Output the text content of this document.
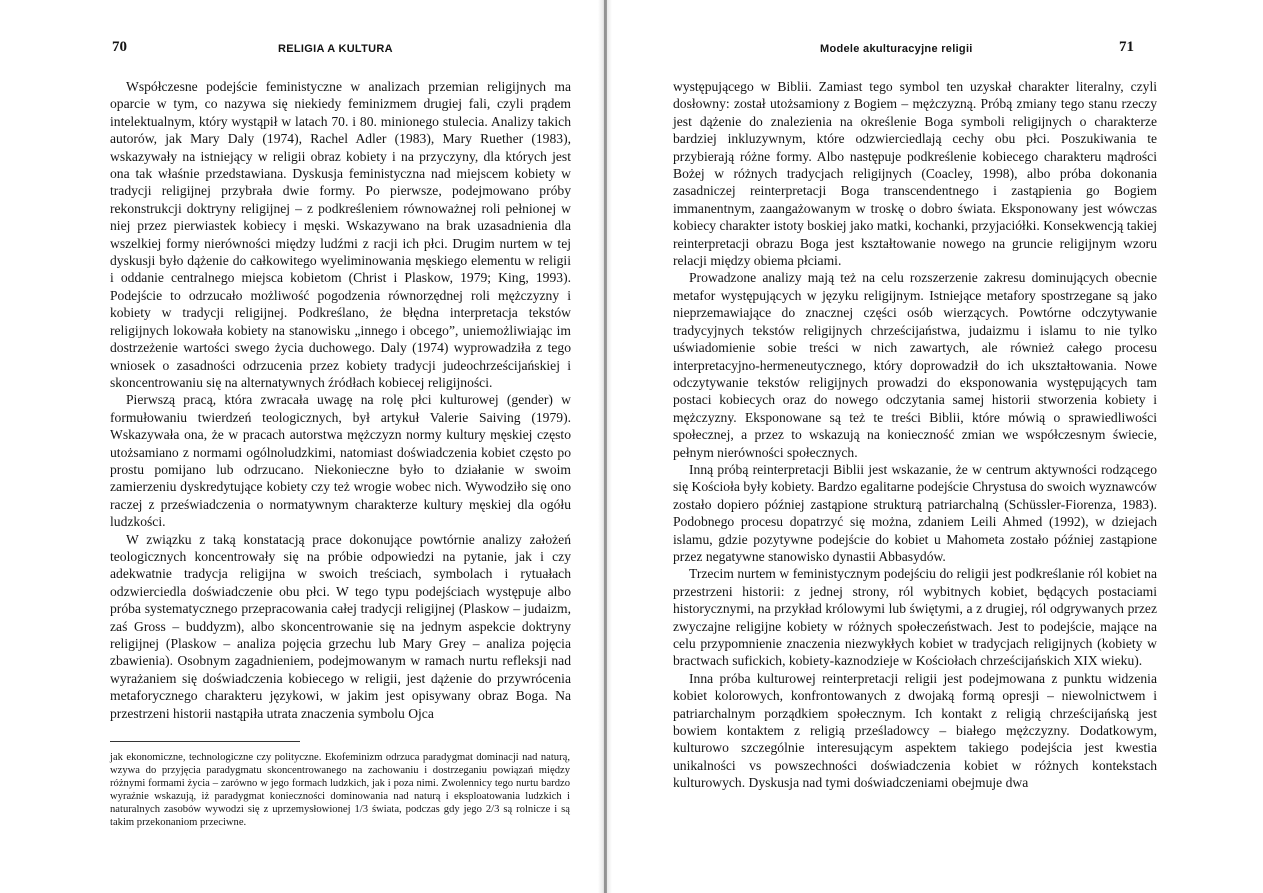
70	RELIGIA A KULTURA

Współczesne podejście feministyczne w analizach przemian religijnych ma oparcie w tym, co nazywa się niekiedy feminizmem drugiej fali, czyli prądem intelektualnym, który wystąpił w latach 70. i 80. minionego stulecia. Analizy takich autorów, jak Mary Daly (1974), Rachel Adler (1983), Mary Ruether (1983), wskazywały na istniejący w religii obraz kobiety i na przyczyny, dla których jest ona tak właśnie przedstawiana. Dyskusja feministyczna nad miejscem kobiety w tradycji religijnej przybrała dwie formy. Po pierwsze, podejmowano próby rekonstrukcji doktryny religijnej – z podkreśleniem równoważnej roli pełnionej w niej przez pierwiastek kobiecy i męski. Wskazywano na brak uzasadnienia dla wszelkiej formy nierówności między ludźmi z racji ich płci. Drugim nurtem w tej dyskusji było dążenie do całkowitego wyeliminowania męskiego elementu w religii i oddanie centralnego miejsca kobietom (Christ i Plaskow, 1979; King, 1993). Podejście to odrzucało możliwość pogodzenia równorzędnej roli mężczyzny i kobiety w tradycji religijnej. Podkreślano, że błędna interpretacja tekstów religijnych lokowała kobiety na stanowisku „innego i obcego”, uniemożliwiając im dostrzeżenie wartości swego życia duchowego. Daly (1974) wyprowadziła z tego wniosek o zasadności odrzucenia przez kobiety tradycji judeochrześcijańskiej i skoncentrowaniu się na alternatywnych źródłach kobiecej religijności.

Pierwszą pracą, która zwracała uwagę na rolę płci kulturowej (gender) w formułowaniu twierdzeń teologicznych, był artykuł Valerie Saiving (1979). Wskazywała ona, że w pracach autorstwa mężczyzn normy kultury męskiej często utożsamiano z normami ogólnoludzkimi, natomiast doświadczenia kobiet często po prostu pomijano lub odrzucano. Niekonieczne było to działanie w swoim zamierzeniu dyskredytujące kobiety czy też wrogie wobec nich. Wywodziło się ono raczej z przeświadczenia o normatywnym charakterze kultury męskiej dla ogółu ludzkości.

W związku z taką konstatacją prace dokonujące powtórnie analizy założeń teologicznych koncentrowały się na próbie odpowiedzi na pytanie, jak i czy adekwatnie tradycja religijna w swoich treściach, symbolach i rytuałach odzwierciedla doświadczenie obu płci. W tego typu podejściach występuje albo próba systematycznego przepracowania całej tradycji religijnej (Plaskow – judaizm, zaś Gross – buddyzm), albo skoncentrowanie się na jednym aspekcie doktryny religijnej (Plaskow – analiza pojęcia grzechu lub Mary Grey – analiza pojęcia zbawienia). Osobnym zagadnieniem, podejmowanym w ramach nurtu refleksji nad wyrażaniem się doświadczenia kobiecego w religii, jest dążenie do przywrócenia metaforycznego charakteru językowi, w jakim jest opisywany obraz Boga. Na przestrzeni historii nastąpiła utrata znaczenia symbolu Ojca

jak ekonomiczne, technologiczne czy polityczne. Ekofeminizm odrzuca paradygmat dominacji nad naturą, wzywa do przyjęcia paradygmatu skoncentrowanego na zachowaniu i dostrzeganiu powiązań między różnymi formami życia – zarówno w jego formach ludzkich, jak i poza nimi. Zwolennicy tego nurtu bardzo wyraźnie wskazują, iż paradygmat konieczności dominowania nad naturą i eksploatowania ludzkich i naturalnych zasobów wywodzi się z uprzemysłowionej 1/3 świata, podczas gdy jego 2/3 są rolnicze i są takim przekonaniom przeciwne.

Modele akulturacyjne religii	71

występującego w Biblii. Zamiast tego symbol ten uzyskał charakter literalny, czyli dosłowny: został utożsamiony z Bogiem – mężczyzną. Próbą zmiany tego stanu rzeczy jest dążenie do znalezienia na określenie Boga symboli religijnych o charakterze bardziej inkluzywnym, które odzwierciedlają cechy obu płci. Poszukiwania te przybierają różne formy. Albo następuje podkreślenie kobiecego charakteru mądrości Bożej w różnych tradycjach religijnych (Coacley, 1998), albo próba dokonania zasadniczej reinterpretacji Boga transcendentnego i zastąpienia go Bogiem immanentnym, zaangażowanym w troskę o dobro świata. Eksponowany jest wówczas kobiecy charakter istoty boskiej jako matki, kochanki, przyjaciółki. Konsekwencją takiej reinterpretacji obrazu Boga jest kształtowanie nowego na gruncie religijnym wzoru relacji między obiema płciami.

Prowadzone analizy mają też na celu rozszerzenie zakresu dominujących obecnie metafor występujących w języku religijnym. Istniejące metafory spostrzegane są jako nieprzemawiające do znacznej części osób wierzących. Powtórne odczytywanie tradycyjnych tekstów religijnych chrześcijaństwa, judaizmu i islamu to nie tylko uświadomienie sobie treści w nich zawartych, ale również całego procesu interpretacyjno-hermeneutycznego, który doprowadził do ich ukształtowania. Nowe odczytywanie tekstów religijnych prowadzi do eksponowania występujących tam postaci kobiecych oraz do nowego odczytania samej historii stworzenia kobiety i mężczyzny. Eksponowane są też te treści Biblii, które mówią o sprawiedliwości społecznej, a przez to wskazują na konieczność zmian we współczesnym świecie, pełnym nierówności społecznych.

Inną próbą reinterpretacji Biblii jest wskazanie, że w centrum aktywności rodzącego się Kościoła były kobiety. Bardzo egalitarne podejście Chrystusa do swoich wyznawców zostało dopiero później zastąpione strukturą patriarchalną (Schüssler-Fiorenza, 1983). Podobnego procesu dopatrzyć się można, zdaniem Leili Ahmed (1992), w dziejach islamu, gdzie pozytywne podejście do kobiet u Mahometa zostało później zastąpione przez negatywne stanowisko dynastii Abbasydów.

Trzecim nurtem w feministycznym podejściu do religii jest podkreślanie ról kobiet na przestrzeni historii: z jednej strony, ról wybitnych kobiet, będących postaciami historycznymi, na przykład królowymi lub świętymi, a z drugiej, ról odgrywanych przez zwyczajne religijne kobiety w różnych społeczeństwach. Jest to podejście, mające na celu przypomnienie znaczenia niezwykłych kobiet w tradycjach religijnych (kobiety w bractwach sufickich, kobiety-kaznodzieje w Kościołach chrześcijańskich XIX wieku).

Inna próba kulturowej reinterpretacji religii jest podejmowana z punktu widzenia kobiet kolorowych, konfrontowanych z dwojaką formą opresji – niewolnictwem i patriarchalnym porządkiem społecznym. Ich kontakt z religią chrześcijańską jest bowiem kontaktem z religią prześladowcy – białego mężczyzny. Dodatkowym, kulturowo szczególnie interesującym aspektem takiego podejścia jest kwestia unikalności vs powszechności doświadczenia kobiet w różnych kontekstach kulturowych. Dyskusja nad tymi doświadczeniami obejmuje dwa
